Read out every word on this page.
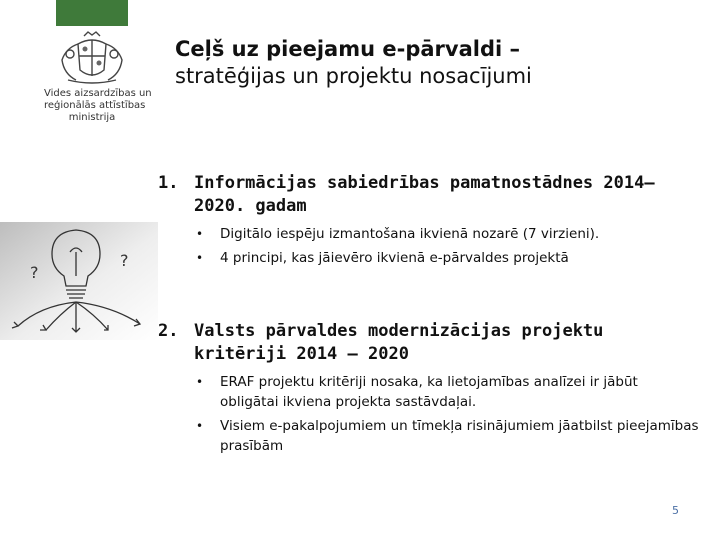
Vides aizsardzības un
reģionālās attīstības
ministrija
Ceļš uz pieejamu e-pārvaldi –
stratēģijas un projektu nosacījumi
?
?
1. Informācijas sabiedrības pamatnostādnes 2014– 2020. gadam
•	Digitālo iespēju izmantošana ikvienā nozarē (7 virzieni).
•	4 principi, kas jāievēro ikvienā e-pārvaldes projektā
2. Valsts pārvaldes modernizācijas projektu kritēriji 2014 – 2020
•	ERAF projektu kritēriji nosaka, ka lietojamības analīzei ir jābūt obligātai ikviena projekta sastāvdaļai.
•	Visiem e-pakalpojumiem un tīmekļa risinājumiem jāatbilst pieejamības prasībām
5
